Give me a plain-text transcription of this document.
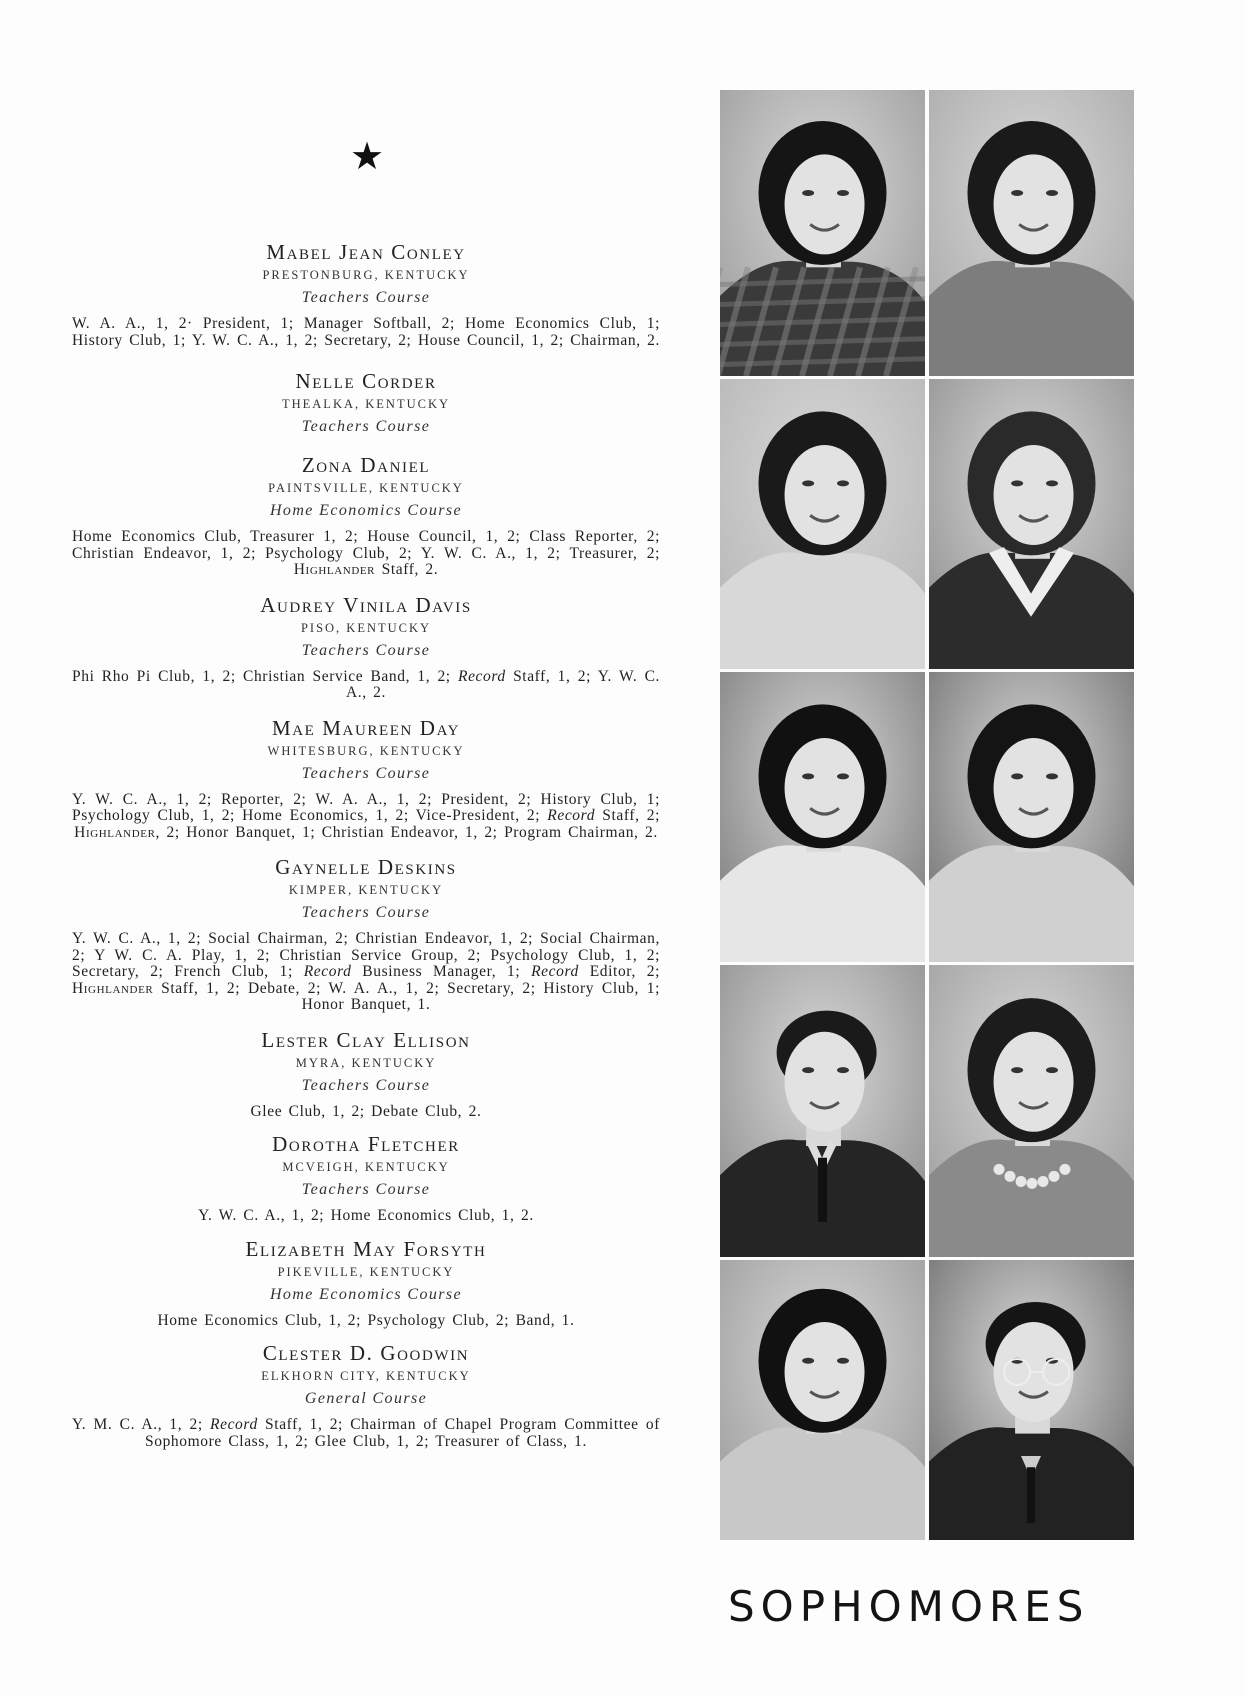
★
Mabel Jean Conley
PRESTONBURG, KENTUCKY
Teachers Course
W. A. A., 1, 2· President, 1; Manager Softball, 2; Home Economics Club, 1; History Club, 1; Y. W. C. A., 1, 2; Secretary, 2; House Council, 1, 2; Chairman, 2.
Nelle Corder
THEALKA, KENTUCKY
Teachers Course
Zona Daniel
PAINTSVILLE, KENTUCKY
Home Economics Course
Home Economics Club, Treasurer 1, 2; House Council, 1, 2; Class Reporter, 2; Christian Endeavor, 1, 2; Psychology Club, 2; Y. W. C. A., 1, 2; Treasurer, 2; Highlander Staff, 2.
Audrey Vinila Davis
PISO, KENTUCKY
Teachers Course
Phi Rho Pi Club, 1, 2; Christian Service Band, 1, 2; Record Staff, 1, 2; Y. W. C. A., 2.
Mae Maureen Day
WHITESBURG, KENTUCKY
Teachers Course
Y. W. C. A., 1, 2; Reporter, 2; W. A. A., 1, 2; President, 2; History Club, 1; Psychology Club, 1, 2; Home Economics, 1, 2; Vice-President, 2; Record Staff, 2; Highlander, 2; Honor Banquet, 1; Christian Endeavor, 1, 2; Program Chairman, 2.
Gaynelle Deskins
KIMPER, KENTUCKY
Teachers Course
Y. W. C. A., 1, 2; Social Chairman, 2; Christian Endeavor, 1, 2; Social Chairman, 2; Y W. C. A. Play, 1, 2; Christian Service Group, 2; Psychology Club, 1, 2; Secretary, 2; French Club, 1; Record Business Manager, 1; Record Editor, 2; Highlander Staff, 1, 2; Debate, 2; W. A. A., 1, 2; Secretary, 2; History Club, 1; Honor Banquet, 1.
Lester Clay Ellison
MYRA, KENTUCKY
Teachers Course
Glee Club, 1, 2; Debate Club, 2.
Dorotha Fletcher
MCVEIGH, KENTUCKY
Teachers Course
Y. W. C. A., 1, 2; Home Economics Club, 1, 2.
Elizabeth May Forsyth
PIKEVILLE, KENTUCKY
Home Economics Course
Home Economics Club, 1, 2; Psychology Club, 2; Band, 1.
Clester D. Goodwin
ELKHORN CITY, KENTUCKY
General Course
Y. M. C. A., 1, 2; Record Staff, 1, 2; Chairman of Chapel Program Committee of Sophomore Class, 1, 2; Glee Club, 1, 2; Treasurer of Class, 1.
SOPHOMORES
